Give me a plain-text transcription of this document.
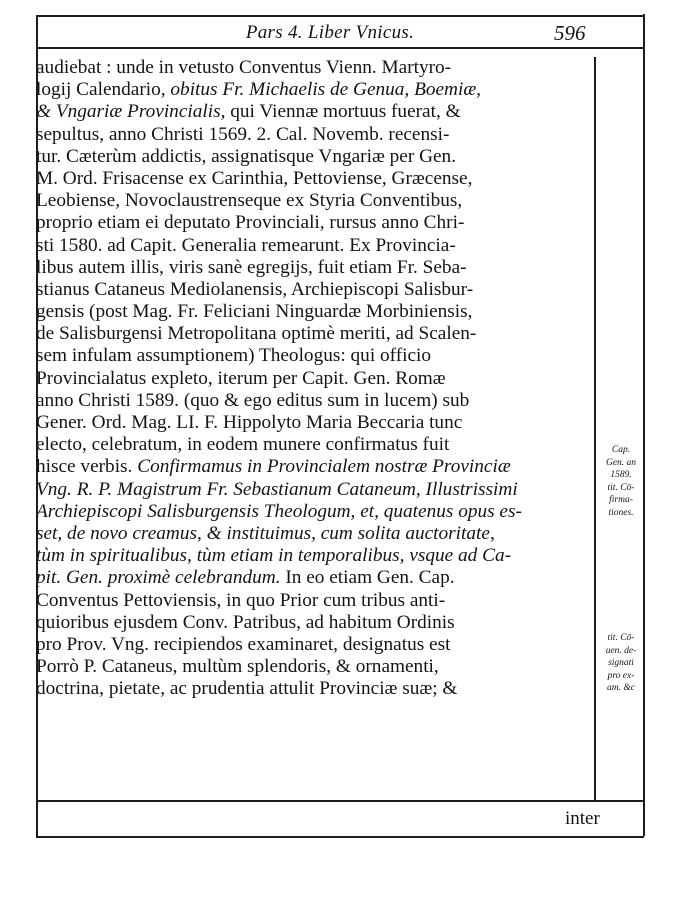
Pars 4. Liber Vnicus.	596
audiebat : unde in vetusto Conventus Vienn. Martyro-
logij Calendario, obitus Fr. Michaelis de Genua, Boemiæ,
& Vngariæ Provincialis, qui Viennæ mortuus fuerat, &
sepultus, anno Christi 1569. 2. Cal. Novemb. recensi-
tur. Cæterùm addictis, assignatisque Vngariæ per Gen.
M. Ord. Frisacense ex Carinthia, Pettoviense, Græcense,
Leobiense, Novoclaustrenseque ex Styria Conventibus,
proprio etiam ei deputato Provinciali, rursus anno Chri-
sti 1580. ad Capit. Generalia remearunt. Ex Provincia-
libus autem illis, viris sanè egregijs, fuit etiam Fr. Seba-
stianus Cataneus Mediolanensis, Archiepiscopi Salisbur-
gensis (post Mag. Fr. Feliciani Ninguardæ Morbiniensis,
de Salisburgensi Metropolitana optimè meriti, ad Scalen-
sem infulam assumptionem) Theologus: qui officio
Provincialatus expleto, iterum per Capit. Gen. Romæ
anno Christi 1589. (quo & ego editus sum in lucem) sub
Gener. Ord. Mag. LI. F. Hippolyto Maria Beccaria tunc
electo, celebratum, in eodem munere confirmatus fuit
hisce verbis. Confirmamus in Provincialem nostræ Provinciæ
Vng. R. P. Magistrum Fr. Sebastianum Cataneum, Illustrissimi
Archiepiscopi Salisburgensis Theologum, et, quatenus opus es-
set, de novo creamus, & instituimus, cum solita auctoritate,
tùm in spiritualibus, tùm etiam in temporalibus, vsque ad Ca-
pit. Gen. proximè celebrandum. In eo etiam Gen. Cap.
Conventus Pettoviensis, in quo Prior cum tribus anti-
quioribus ejusdem Conv. Patribus, ad habitum Ordinis
pro Prov. Vng. recipiendos examinaret, designatus est
Porrò P. Cataneus, multùm splendoris, & ornamenti,
doctrina, pietate, ac prudentia attulit Provinciæ suæ; &
Cap.
Gen. an
1589.
tit. Cō-
firma-
tiones.
tit. Cō-
uen. de-
signati
pro ex-
am. &c
inter
